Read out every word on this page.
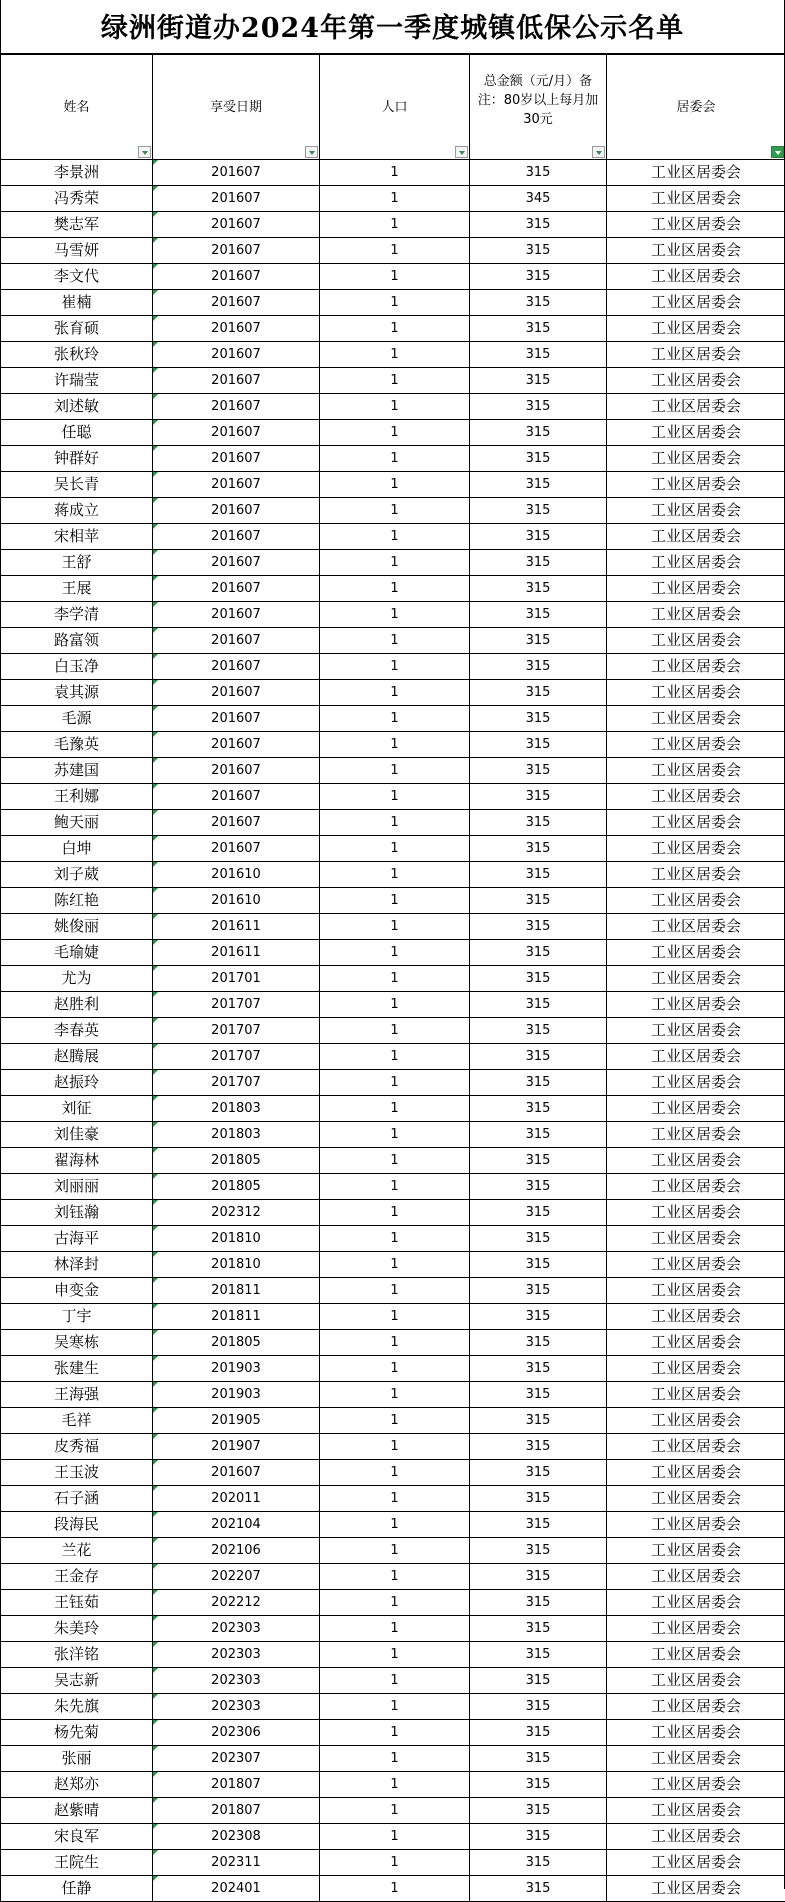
绿洲街道办2024年第一季度城镇低保公示名单
姓名	享受日期	人口	总金额（元/月）备注：80岁以上每月加30元	居委会

李景洲	201607	1	315	工业区居委会
冯秀荣	201607	1	345	工业区居委会
樊志军	201607	1	315	工业区居委会
马雪妍	201607	1	315	工业区居委会
李文代	201607	1	315	工业区居委会
崔楠	201607	1	315	工业区居委会
张育硕	201607	1	315	工业区居委会
张秋玲	201607	1	315	工业区居委会
许瑞莹	201607	1	315	工业区居委会
刘述敏	201607	1	315	工业区居委会
任聪	201607	1	315	工业区居委会
钟群好	201607	1	315	工业区居委会
吴长青	201607	1	315	工业区居委会
蒋成立	201607	1	315	工业区居委会
宋相苹	201607	1	315	工业区居委会
王舒	201607	1	315	工业区居委会
王展	201607	1	315	工业区居委会
李学清	201607	1	315	工业区居委会
路富领	201607	1	315	工业区居委会
白玉净	201607	1	315	工业区居委会
袁其源	201607	1	315	工业区居委会
毛源	201607	1	315	工业区居委会
毛豫英	201607	1	315	工业区居委会
苏建国	201607	1	315	工业区居委会
王利娜	201607	1	315	工业区居委会
鲍天丽	201607	1	315	工业区居委会
白坤	201607	1	315	工业区居委会
刘子葳	201610	1	315	工业区居委会
陈红艳	201610	1	315	工业区居委会
姚俊丽	201611	1	315	工业区居委会
毛瑜婕	201611	1	315	工业区居委会
尤为	201701	1	315	工业区居委会
赵胜利	201707	1	315	工业区居委会
李春英	201707	1	315	工业区居委会
赵腾展	201707	1	315	工业区居委会
赵振玲	201707	1	315	工业区居委会
刘征	201803	1	315	工业区居委会
刘佳豪	201803	1	315	工业区居委会
翟海林	201805	1	315	工业区居委会
刘丽丽	201805	1	315	工业区居委会
刘钰瀚	202312	1	315	工业区居委会
古海平	201810	1	315	工业区居委会
林泽封	201810	1	315	工业区居委会
申变金	201811	1	315	工业区居委会
丁宇	201811	1	315	工业区居委会
吴寒栋	201805	1	315	工业区居委会
张建生	201903	1	315	工业区居委会
王海强	201903	1	315	工业区居委会
毛祥	201905	1	315	工业区居委会
皮秀福	201907	1	315	工业区居委会
王玉波	201607	1	315	工业区居委会
石子涵	202011	1	315	工业区居委会
段海民	202104	1	315	工业区居委会
兰花	202106	1	315	工业区居委会
王金存	202207	1	315	工业区居委会
王钰茹	202212	1	315	工业区居委会
朱美玲	202303	1	315	工业区居委会
张洋铭	202303	1	315	工业区居委会
吴志新	202303	1	315	工业区居委会
朱先旗	202303	1	315	工业区居委会
杨先菊	202306	1	315	工业区居委会
张丽	202307	1	315	工业区居委会
赵郑亦	201807	1	315	工业区居委会
赵紫晴	201807	1	315	工业区居委会
宋良军	202308	1	315	工业区居委会
王院生	202311	1	315	工业区居委会
任静	202401	1	315	工业区居委会
